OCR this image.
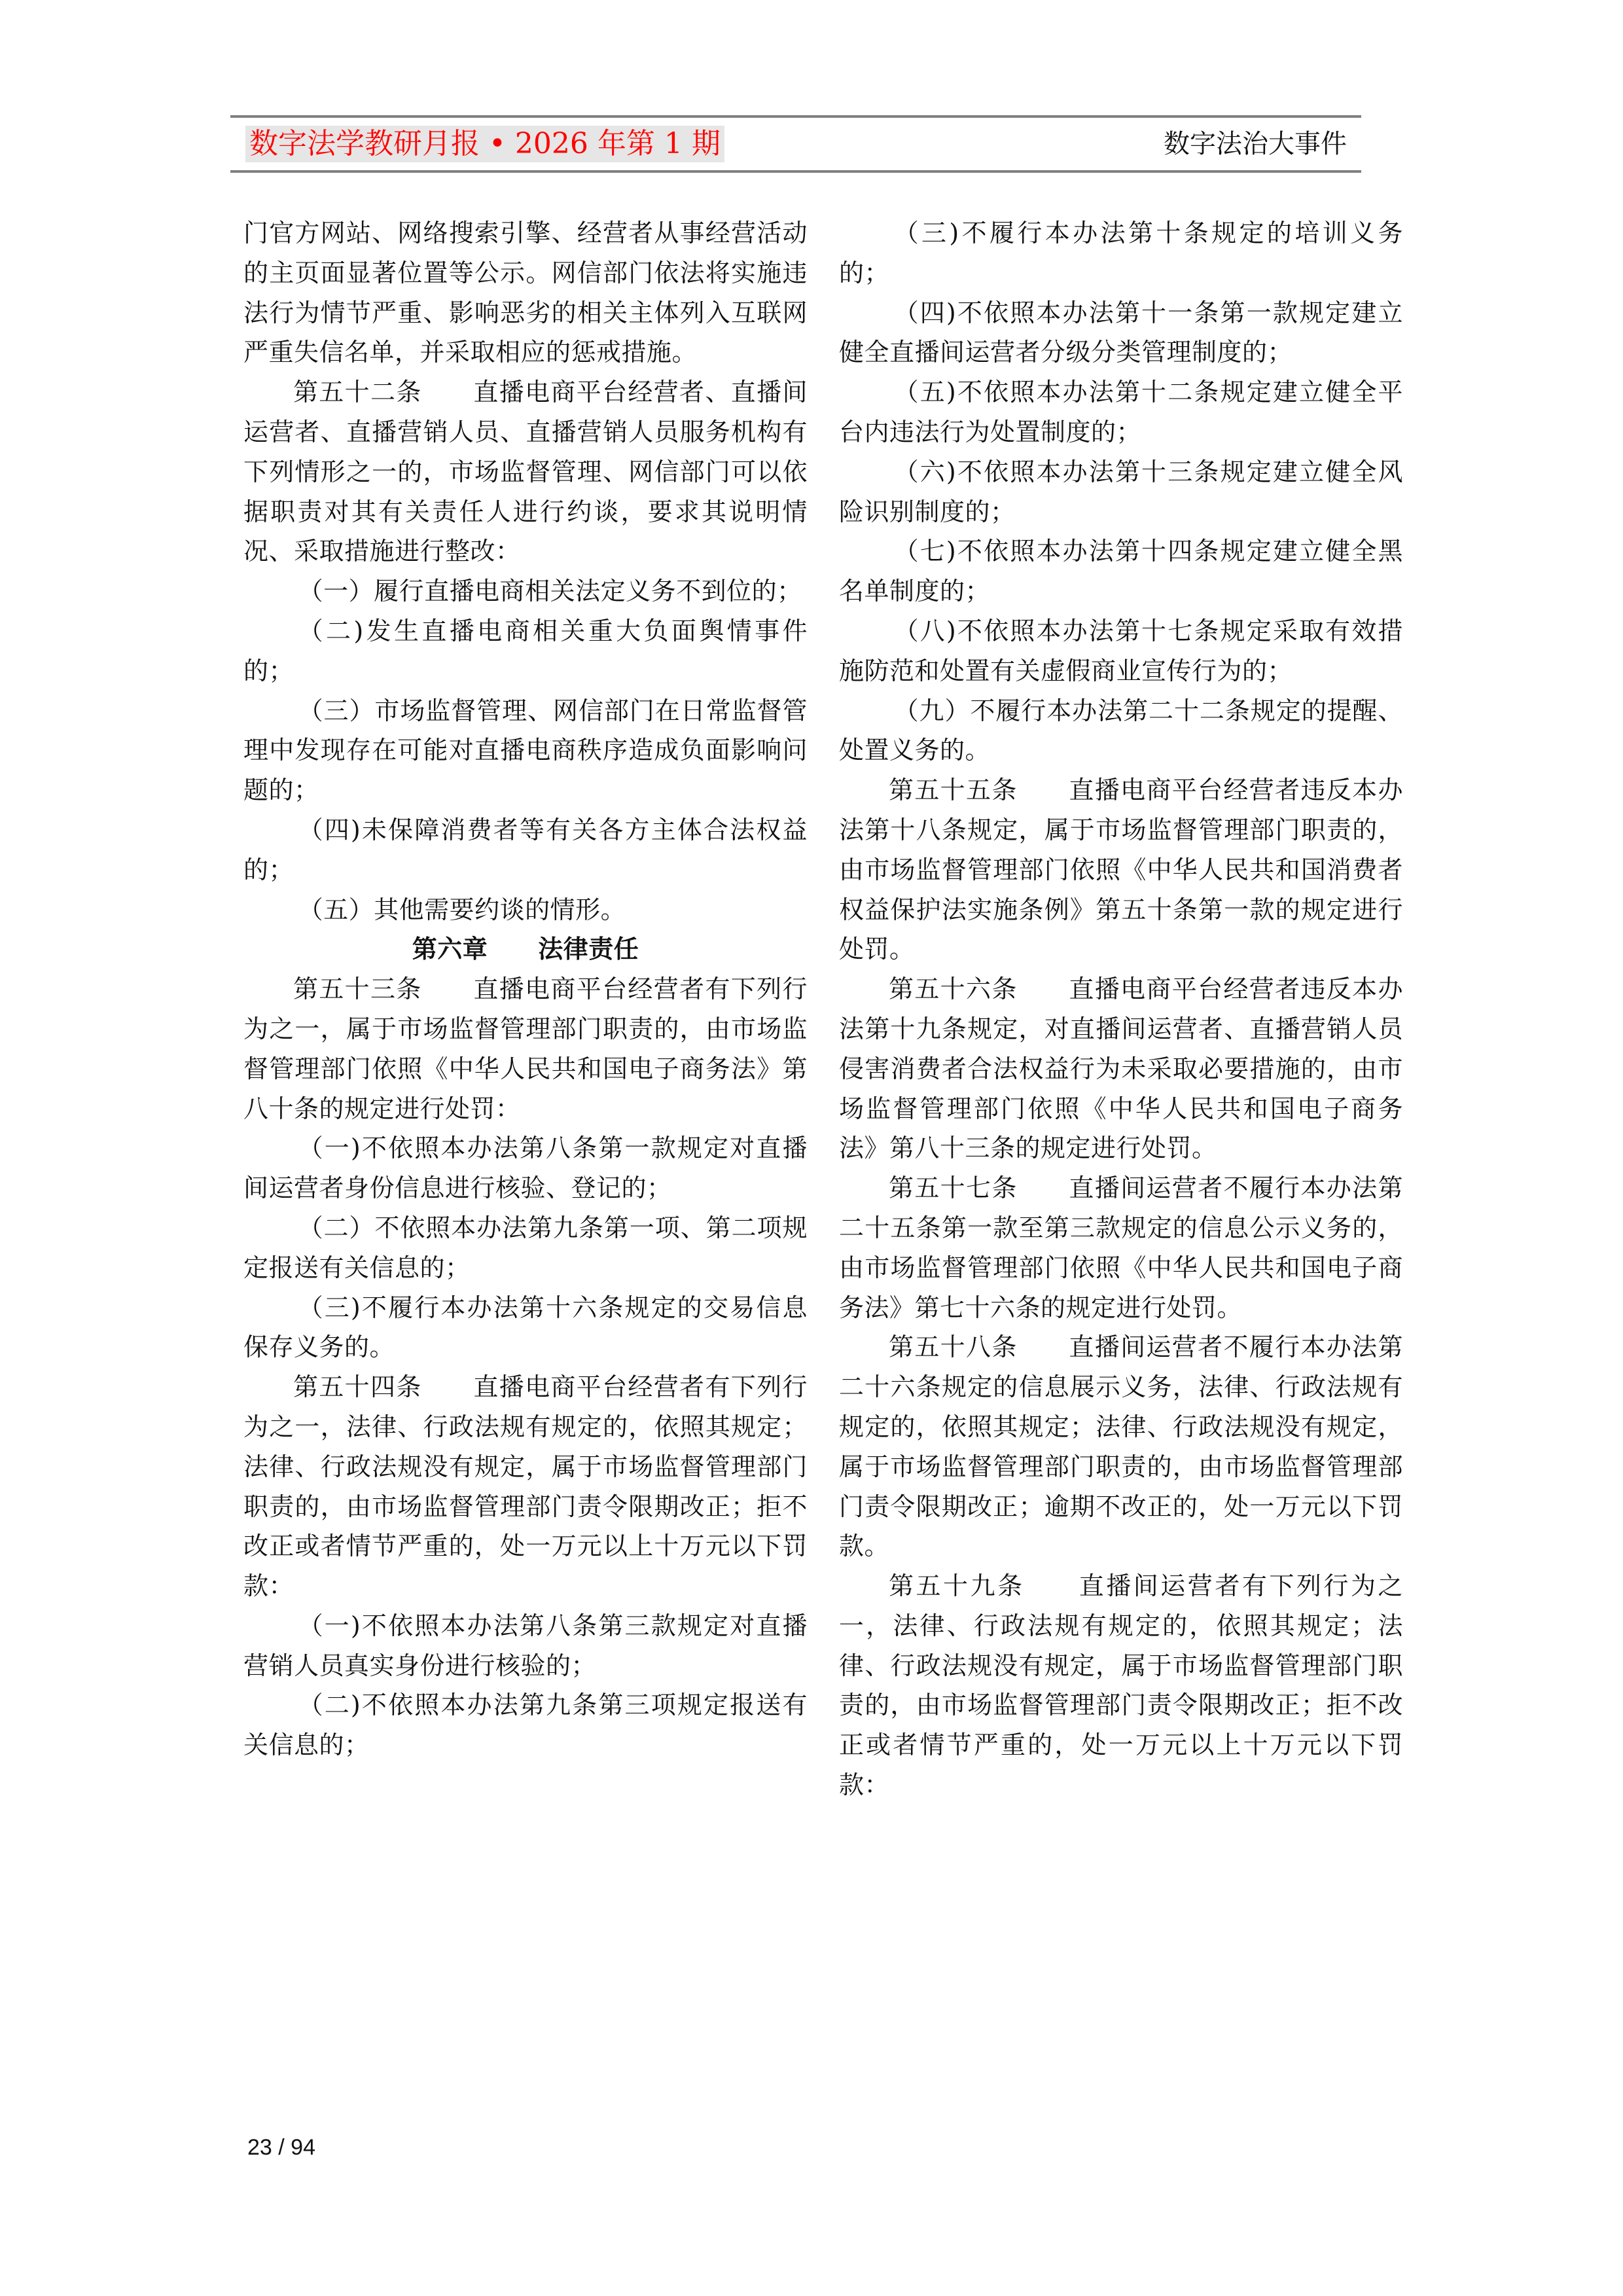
数字法学教研月报 • 2026 年第 1 期	数字法治大事件

门官方网站、网络搜索引擎、经营者从事经营活动的主页面显著位置等公示。网信部门依法将实施违法行为情节严重、影响恶劣的相关主体列入互联网严重失信名单，并采取相应的惩戒措施。

第五十二条　　 直播电商平台经营者、直播间运营者、直播营销人员、直播营销人员服务机构有下列情形之一的，市场监督管理、网信部门可以依据职责对其有关责任人进行约谈，要求其说明情况、采取措施进行整改：

（一）履行直播电商相关法定义务不到位的；

（二)发生直播电商相关重大负面舆情事件的；

（三）市场监督管理、网信部门在日常监督管理中发现存在可能对直播电商秩序造成负面影响问题的；

（四)未保障消费者等有关各方主体合法权益的；

（五）其他需要约谈的情形。

第六章　　法律责任

第五十三条　　 直播电商平台经营者有下列行为之一，属于市场监督管理部门职责的，由市场监督管理部门依照《中华人民共和国电子商务法》第八十条的规定进行处罚：

（一)不依照本办法第八条第一款规定对直播间运营者身份信息进行核验、登记的；

（二）不依照本办法第九条第一项、第二项规定报送有关信息的；

（三)不履行本办法第十六条规定的交易信息保存义务的。

第五十四条　　 直播电商平台经营者有下列行为之一，法律、行政法规有规定的，依照其规定；法律、行政法规没有规定，属于市场监督管理部门职责的，由市场监督管理部门责令限期改正；拒不改正或者情节严重的，处一万元以上十万元以下罚款：

（一)不依照本办法第八条第三款规定对直播营销人员真实身份进行核验的；

（二)不依照本办法第九条第三项规定报送有关信息的；

（三)不履行本办法第十条规定的培训义务的；

（四)不依照本办法第十一条第一款规定建立健全直播间运营者分级分类管理制度的；

（五)不依照本办法第十二条规定建立健全平台内违法行为处置制度的；

（六)不依照本办法第十三条规定建立健全风险识别制度的；

（七)不依照本办法第十四条规定建立健全黑名单制度的；

（八)不依照本办法第十七条规定采取有效措施防范和处置有关虚假商业宣传行为的；

（九）不履行本办法第二十二条规定的提醒、处置义务的。

第五十五条　　 直播电商平台经营者违反本办法第十八条规定，属于市场监督管理部门职责的，由市场监督管理部门依照《中华人民共和国消费者权益保护法实施条例》第五十条第一款的规定进行处罚。

第五十六条　　 直播电商平台经营者违反本办法第十九条规定，对直播间运营者、直播营销人员侵害消费者合法权益行为未采取必要措施的，由市场监督管理部门依照《中华人民共和国电子商务法》第八十三条的规定进行处罚。

第五十七条　　 直播间运营者不履行本办法第二十五条第一款至第三款规定的信息公示义务的，由市场监督管理部门依照《中华人民共和国电子商务法》第七十六条的规定进行处罚。

第五十八条　　 直播间运营者不履行本办法第二十六条规定的信息展示义务，法律、行政法规有规定的，依照其规定；法律、行政法规没有规定，属于市场监督管理部门职责的，由市场监督管理部门责令限期改正；逾期不改正的，处一万元以下罚款。

第五十九条　　 直播间运营者有下列行为之一，法律、行政法规有规定的，依照其规定；法律、行政法规没有规定，属于市场监督管理部门职责的，由市场监督管理部门责令限期改正；拒不改正或者情节严重的，处一万元以上十万元以下罚款：

23 / 94
